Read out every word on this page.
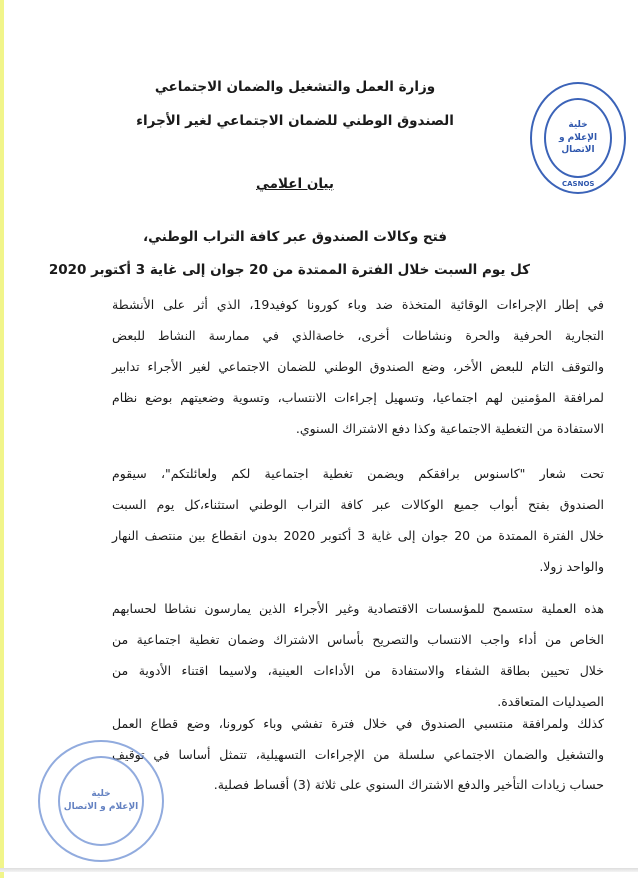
وزارة العمل والتشغيل والضمان الاجتماعي
الصندوق الوطني للضمان الاجتماعي لغير الأجراء
بيان اعلامي
فتح وكالات الصندوق عبر كافة التراب الوطني،
كل يوم السبت خلال الفترة الممتدة من 20 جوان إلى غاية 3 أكتوبر 2020
في إطار الإجراءات الوقائية المتخذة ضد وباء كورونا كوفيد19، الذي أثر على الأنشطة
التجارية الحرفية والحرة ونشاطات أخرى، خاصةالذي في ممارسة النشاط للبعض
والتوقف التام للبعض الأخر، وضع الصندوق الوطني للضمان الاجتماعي لغير الأجراء تدابير
لمرافقة المؤمنين لهم اجتماعيا، وتسهيل إجراءات الانتساب، وتسوية وضعيتهم بوضع نظام
الاستفادة من التغطية الاجتماعية وكذا دفع الاشتراك السنوي.
تحت شعار "كاسنوس برافقكم ويضمن تغطية اجتماعية لكم ولعائلتكم"، سيقوم
الصندوق بفتح أبواب جميع الوكالات عبر كافة التراب الوطني استثناء،كل يوم السبت
خلال الفترة الممتدة من 20 جوان إلى غاية 3 أكتوبر 2020 بدون انقطاع بين منتصف النهار
والواحد زولا.
هذه العملية ستسمح للمؤسسات الاقتصادية وغير الأجراء الذين يمارسون نشاطا لحسابهم
الخاص من أداء واجب الانتساب والتصريح بأساس الاشتراك وضمان تغطية اجتماعية من
خلال تحيين بطاقة الشفاء والاستفادة من الأداءات العينية، ولاسيما اقتناء الأدوية من
الصيدليات المتعاقدة.
كذلك ولمرافقة منتسبي الصندوق في خلال فترة تفشي وباء كورونا، وضع قطاع العمل
والتشغيل والضمان الاجتماعي سلسلة من الإجراءات التسهيلية، تتمثل أساسا في توقيف
حساب زيادات التأخير والدفع الاشتراك السنوي على ثلاثة (3) أقساط فصلية.
خلية
الإعلام و الاتصال
CASNOS
خلية
الإعلام و الاتصال
